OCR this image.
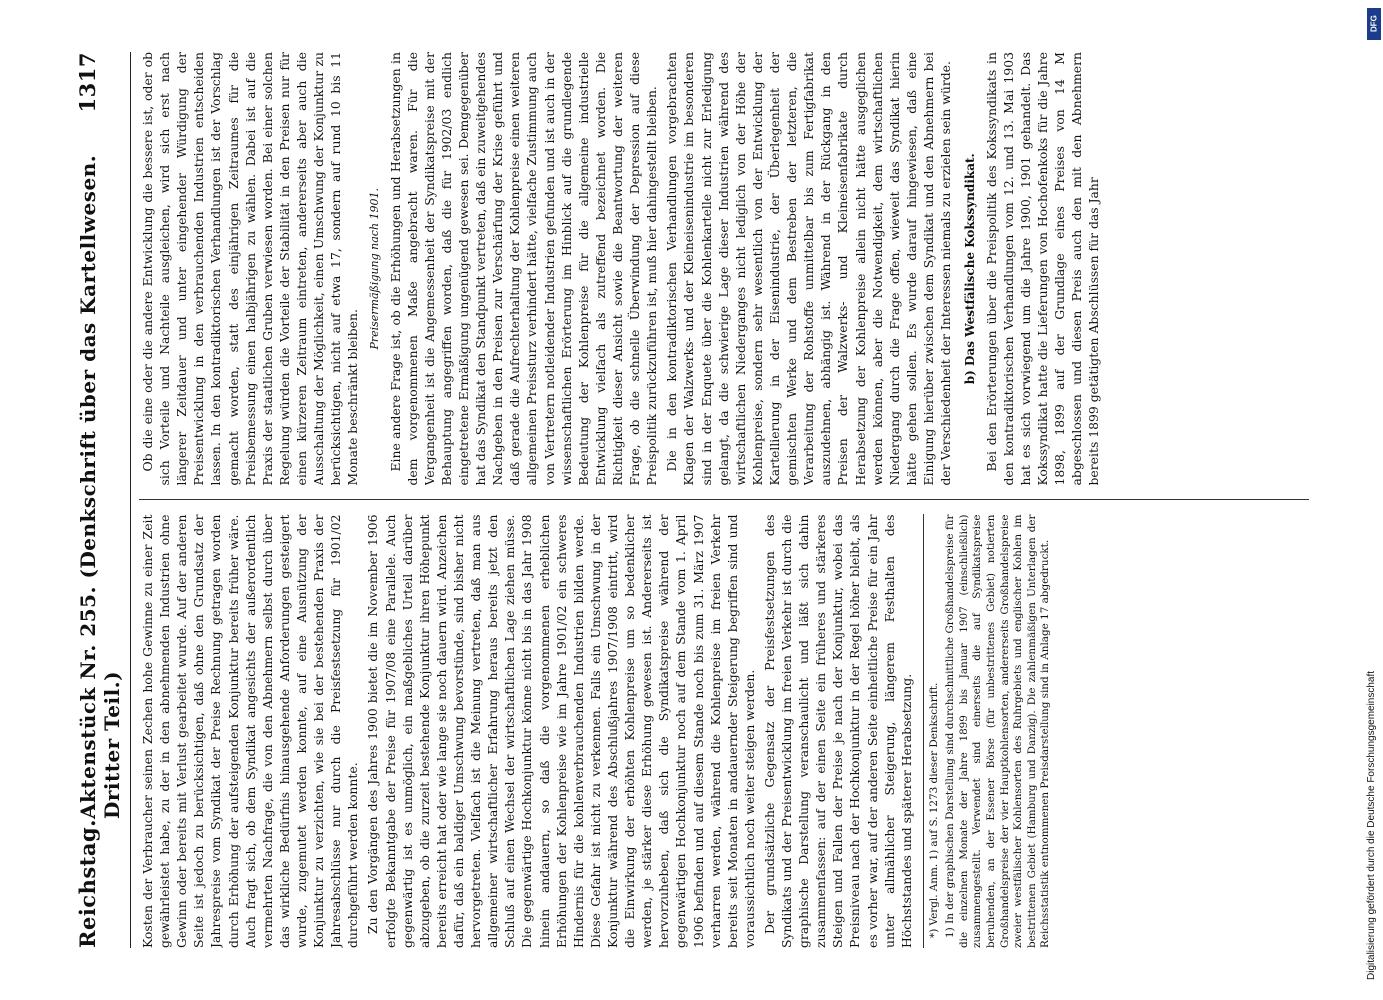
Reichstag.
Aktenstück Nr. 255. (Denkschrift über das Kartellwesen. Dritter Teil.)
1317

Kosten der Verbraucher seinen Zechen hohe Gewinne zu einer Zeit gewährleistet habe, zu der in den abnehmenden Industrien ohne Gewinn oder bereits mit Verlust gearbeitet wurde. Auf der anderen Seite ist jedoch zu berücksichtigen, daß ohne den Grundsatz der Jahrespreise vom Syndikat der Preise Rechnung getragen worden durch Erhöhung der aufsteigenden Konjunktur bereits früher wäre. Auch fragt sich, ob dem Syndikat angesichts der außerordentlich vermehrten Nachfrage, die von den Abnehmern selbst durch über das wirkliche Bedürfnis hinausgehende Anforderungen gesteigert wurde, zugemutet werden konnte, auf eine Ausnützung der Konjunktur zu verzichten, wie sie bei der bestehenden Praxis der Jahresabschlüsse nur durch die Preisfestsetzung für 1901/02 durchgeführt werden konnte. Zu den Vorgängen des Jahres 1900 bietet die im November 1906 erfolgte Bekanntgabe der Preise für 1907/08 eine Parallele. Auch gegenwärtig ist es unmöglich, ein maßgebliches Urteil darüber abzugeben, ob die zurzeit bestehende Konjunktur ihren Höhepunkt bereits erreicht hat oder wie lange sie noch dauern wird. Anzeichen dafür, daß ein baldiger Umschwung bevorstünde, sind bisher nicht hervorgetreten. Vielfach ist die Meinung vertreten, daß man aus allgemeiner wirtschaftlicher Erfahrung heraus bereits jetzt den Schluß auf einen Wechsel der wirtschaftlichen Lage ziehen müsse. Die gegenwärtige Hochkonjunktur könne nicht bis in das Jahr 1908 hinein andauern, so daß die vorgenommenen erheblichen Erhöhungen der Kohlenpreise wie im Jahre 1901/02 ein schweres Hindernis für die kohlenverbrauchenden Industrien bilden werde. Diese Gefahr ist nicht zu verkennen. Falls ein Umschwung in der Konjunktur während des Abschlußjahres 1907/1908 eintritt, wird die Einwirkung der erhöhten Kohlenpreise um so bedenklicher werden, je stärker diese Erhöhung gewesen ist. Andererseits ist hervorzuheben, daß sich die Syndikatspreise während der gegenwärtigen Hochkonjunktur noch auf dem Stande vom 1. April 1906 befinden und auf diesem Stande noch bis zum 31. März 1907 verharren werden, während die Kohlenpreise im freien Verkehr bereits seit Monaten in andauernder Steigerung begriffen sind und voraussichtlich noch weiter steigen werden. Der grundsätzliche Gegensatz der Preisfestsetzungen des Syndikats und der Preisentwicklung im freien Verkehr ist durch die graphische Darstellung veranschaulicht und läßt sich dahin zusammenfassen: auf der einen Seite ein früheres und stärkeres Steigen und Fallen der Preise je nach der Konjunktur, wobei das Preisniveau nach der Hochkonjunktur in der Regel höher bleibt, als es vorher war, auf der anderen Seite einheitliche Preise für ein Jahr unter allmählicher Steigerung, längerem Festhalten des Höchststandes und späterer Herabsetzung. *) Vergl. Anm. 1) auf S. 1273 dieser Denkschrift. 1) In der graphischen Darstellung sind durchschnittliche Großhandelspreise für die einzelnen Monate der Jahre 1899 bis Januar 1907 (einschließlich) zusammengestellt. Verwendet sind einerseits die auf Syndikatspreise beruhenden, an der Essener Börse (für unbestrittenes Gebiet) notierten Großhandelspreise der vier Hauptkohlensorten, andererseits Großhandelspreise zweier westfälischer Kohlensorten des Ruhrgebiets und englischer Kohlen im bestrittenen Gebiet (Hamburg und Danzig). Die zahlenmäßigen Unterlagen der Reichsstatistik entnommenen Preisdarstellung sind in Anlage 17 abgedruckt.

Ob die eine oder die andere Entwicklung die bessere ist, oder ob sich Vorteile und Nachteile ausgleichen, wird sich erst nach längerer Zeitdauer und unter eingehender Würdigung der Preisentwicklung in den verbrauchenden Industrien entscheiden lassen. In den kontradiktorischen Verhandlungen ist der Vorschlag gemacht worden, statt des einjährigen Zeitraumes für die Preisbemessung einen halbjährigen zu wählen. Dabei ist auf die Praxis der staatlichen Gruben verwiesen worden. Bei einer solchen Regelung würden die Vorteile der Stabilität in den Preisen nur für einen kürzeren Zeitraum eintreten, andererseits aber auch die Ausschaltung der Möglichkeit, einen Umschwung der Konjunktur zu berücksichtigen, nicht auf etwa 17, sondern auf rund 10 bis 11 Monate beschränkt bleiben.

Preisermäßigung nach 1901. Eine andere Frage ist, ob die Erhöhungen und Herabsetzungen in dem vorgenommenen Maße angebracht waren. Für die Vergangenheit ist die Angemessenheit der Syndikatspreise mit der Behauptung angegriffen worden, daß die für 1902/03 endlich eingetretene Ermäßigung ungenügend gewesen sei. Demgegenüber hat das Syndikat den Standpunkt vertreten, daß ein zuweitgehendes Nachgeben in den Preisen zur Verschärfung der Krise geführt und daß gerade die Aufrechterhaltung der Kohlenpreise einen weiteren allgemeinen Preissturz verhindert hätte, vielfache Zustimmung auch von Vertretern notleidender Industrien gefunden und ist auch in der wissenschaftlichen Erörterung im Hinblick auf die grundlegende Bedeutung der Kohlenpreise für die allgemeine industrielle Entwicklung vielfach als zutreffend bezeichnet worden. Die Richtigkeit dieser Ansicht sowie die Beantwortung der weiteren Frage, ob die schnelle Überwindung der Depression auf diese Preispolitik zurückzuführen ist, muß hier dahingestellt bleiben. Die in den kontradiktorischen Verhandlungen vorgebrachten Klagen der Walzwerks- und der Kleineisenindustrie im besonderen sind in der Enquete über die Kohlenkartelle nicht zur Erledigung gelangt, da die schwierige Lage dieser Industrien während des wirtschaftlichen Niederganges nicht lediglich von der Höhe der Kohlenpreise, sondern sehr wesentlich von der Entwicklung der Kartellierung in der Eisenindustrie, der Überlegenheit der gemischten Werke und dem Bestreben der letzteren, die Verarbeitung der Rohstoffe unmittelbar bis zum Fertigfabrikat auszudehnen, abhängig ist. Während in der Rückgang in den Preisen der Walzwerks- und Kleineisenfabrikate durch Herabsetzung der Kohlenpreise allein nicht hätte ausgeglichen werden können, aber die Notwendigkeit, dem wirtschaftlichen Niedergang durch die Frage offen, wieweit das Syndikat hierin hätte gehen sollen. Es wurde darauf hingewiesen, daß eine Einigung hierüber zwischen dem Syndikat und den Abnehmern bei der Verschiedenheit der Interessen niemals zu erzielen sein würde. b) Das Westfälische Kokssyndikat. Bei den Erörterungen über die Preispolitik des Kokssyndikats in den kontradiktorischen Verhandlungen vom 12. und 13. Mai 1903 hat es sich vorwiegend um die Jahre 1900, 1901 gehandelt. Das Kokssyndikat hatte die Lieferungen von Hochofenkoks für die Jahre 1898, 1899 auf der Grundlage eines Preises von 14 M abgeschlossen und diesen Preis auch den mit den Abnehmern bereits 1899 getätigten Abschlüssen für das Jahr

DFG
Digitalisierung gefördert durch die Deutsche Forschungsgemeinschaft
